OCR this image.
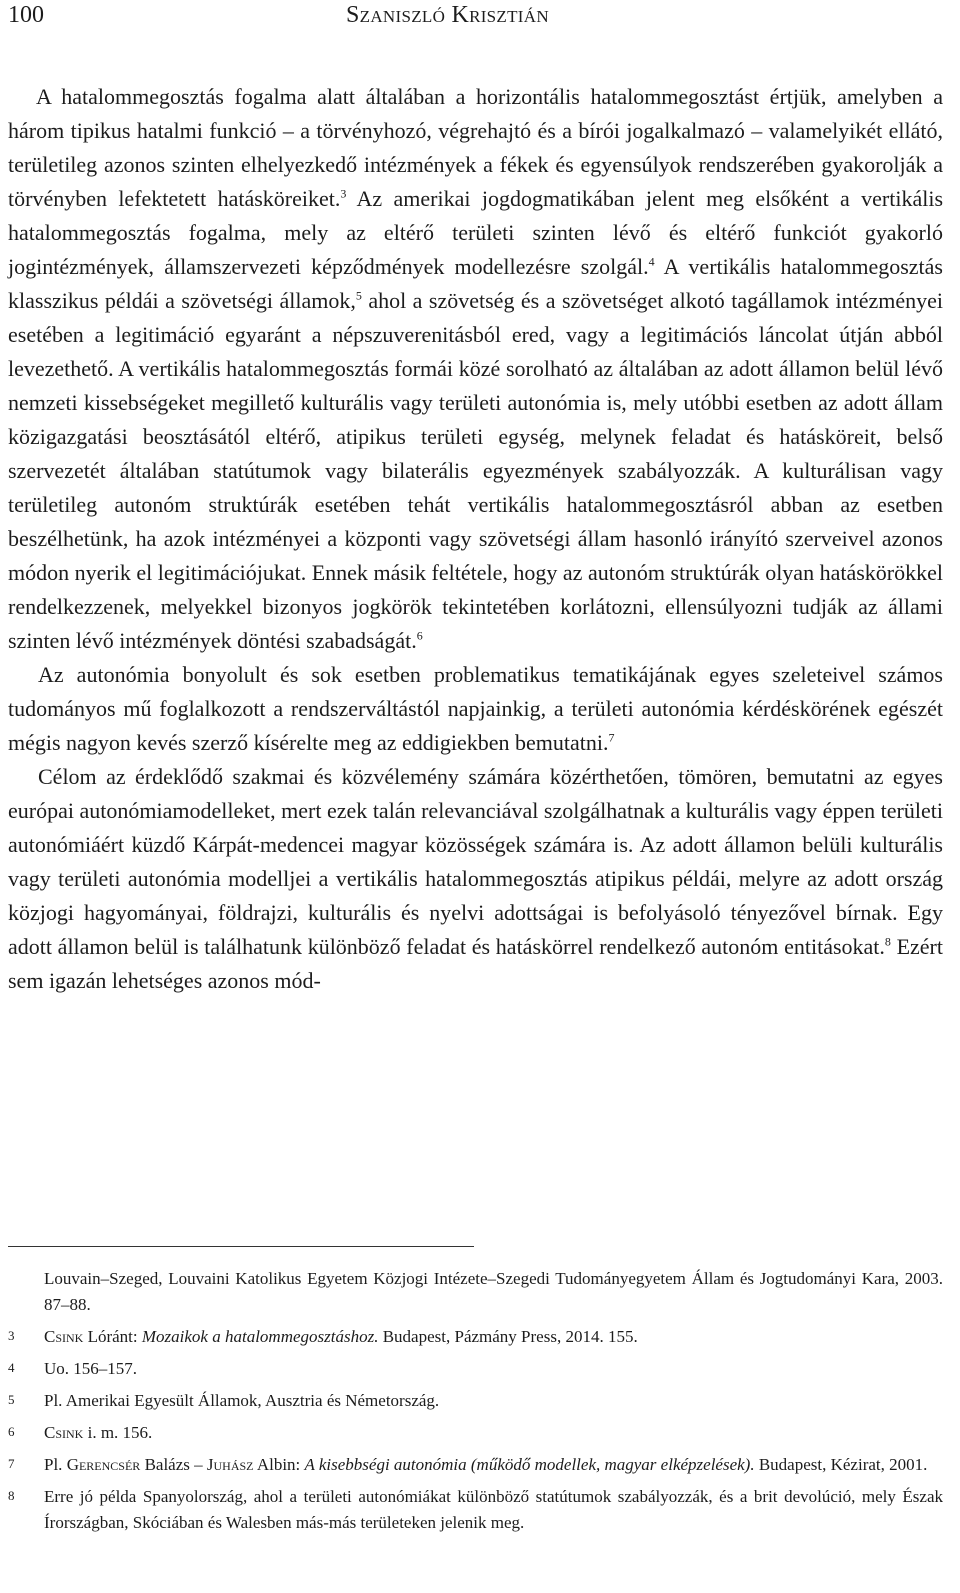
100	Szaniszló Krisztián

A hatalommegosztás fogalma alatt általában a horizontális hatalommegosztást értjük, amelyben a három tipikus hatalmi funkció – a törvényhozó, végrehajtó és a bírói jogalkalmazó – valamelyikét ellátó, területileg azonos szinten elhelyezkedő intézmények a fékek és egyensúlyok rendszerében gyakorolják a törvényben lefektetett hatásköreiket.$^3$ Az amerikai jogdogmatikában jelent meg elsőként a vertikális hatalommegosztás fogalma, mely az eltérő területi szinten lévő és eltérő funkciót gyakorló jogintézmények, államszervezeti képződmények modellezésre szolgál.$^4$ A vertikális hatalommegosztás klasszikus példái a szövetségi államok,$^5$ ahol a szövetség és a szövetséget alkotó tagállamok intézményei esetében a legitimáció egyaránt a népszuverenitásból ered, vagy a legitimációs láncolat útján abból levezethető. A vertikális hatalommegosztás formái közé sorolható az általában az adott államon belül lévő nemzeti kissebségeket megillető kulturális vagy területi autonómia is, mely utóbbi esetben az adott állam közigazgatási beosztásától eltérő, atipikus területi egység, melynek feladat és hatásköreit, belső szervezetét általában statútumok vagy bilaterális egyezmények szabályozzák. A kulturálisan vagy területileg autonóm struktúrák esetében tehát vertikális hatalommegosztásról abban az esetben beszélhetünk, ha azok intézményei a központi vagy szövetségi állam hasonló irányító szerveivel azonos módon nyerik el legitimációjukat. Ennek másik feltétele, hogy az autonóm struktúrák olyan hatáskörökkel rendelkezzenek, melyekkel bizonyos jogkörök tekintetében korlátozni, ellensúlyozni tudják az állami szinten lévő intézmények döntési szabadságát.$^6$

Az autonómia bonyolult és sok esetben problematikus tematikájának egyes szeleteivel számos tudományos mű foglalkozott a rendszerváltástól napjainkig, a területi autonómia kérdéskörének egészét mégis nagyon kevés szerző kísérelte meg az eddigiekben bemutatni.$^7$

Célom az érdeklődő szakmai és közvélemény számára közérthetően, tömören, bemutatni az egyes európai autonómiamodelleket, mert ezek talán relevanciával szolgálhatnak a kulturális vagy éppen területi autonómiáért küzdő Kárpát-medencei magyar közösségek számára is. Az adott államon belüli kulturális vagy területi autonómia modelljei a vertikális hatalommegosztás atipikus példái, melyre az adott ország közjogi hagyományai, földrajzi, kulturális és nyelvi adottságai is befolyásoló tényezővel bírnak. Egy adott államon belül is találhatunk különböző feladat és hatáskörrel rendelkező autonóm entitásokat.$^8$ Ezért sem igazán lehetséges azonos mód-

Louvain–Szeged, Louvaini Katolikus Egyetem Közjogi Intézete–Szegedi Tudományegyetem Állam és Jogtudományi Kara, 2003. 87–88.
3 Csink Lóránt: Mozaikok a hatalommegosztáshoz. Budapest, Pázmány Press, 2014. 155.
4 Uo. 156–157.
5 Pl. Amerikai Egyesült Államok, Ausztria és Németország.
6 Csink i. m. 156.
7 Pl. Gerencsér Balázs – Juhász Albin: A kisebbségi autonómia (működő modellek, magyar elképzelések). Budapest, Kézirat, 2001.
8 Erre jó példa Spanyolország, ahol a területi autonómiákat különböző statútumok szabályozzák, és a brit devolúció, mely Észak Írországban, Skóciában és Walesben más-más területeken jelenik meg.
